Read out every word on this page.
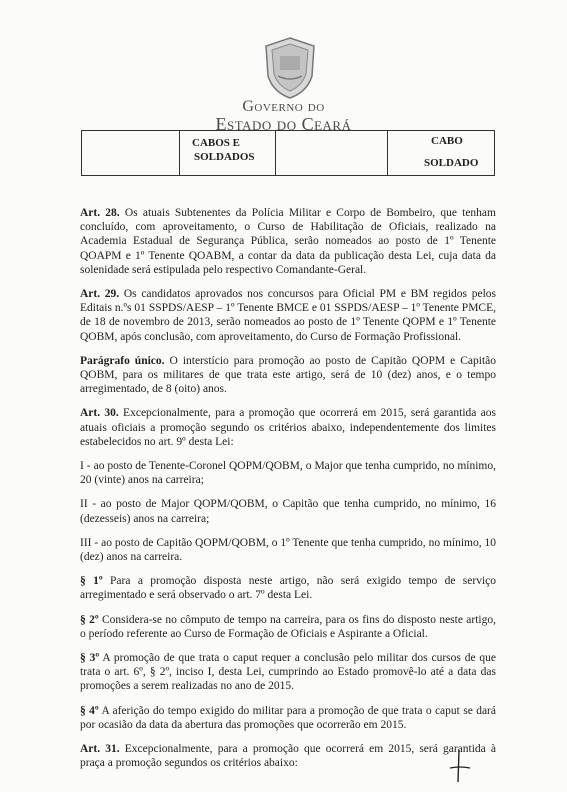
Governo do
Estado do Ceará
CABOS E
SOLDADOS
CABO
SOLDADO

Art. 28. Os atuais Subtenentes da Polícia Militar e Corpo de Bombeiro, que tenham concluído, com aproveitamento, o Curso de Habilitação de Oficiais, realizado na Academia Estadual de Segurança Pública, serão nomeados ao posto de 1º Tenente QOAPM e 1º Tenente QOABM, a contar da data da publicação desta Lei, cuja data da solenidade será estipulada pelo respectivo Comandante-Geral.

Art. 29. Os candidatos aprovados nos concursos para Oficial PM e BM regidos pelos Editais n.ºs 01 SSPDS/AESP – 1º Tenente BMCE e 01 SSPDS/AESP – 1º Tenente PMCE, de 18 de novembro de 2013, serão nomeados ao posto de 1º Tenente QOPM e 1º Tenente QOBM, após conclusão, com aproveitamento, do Curso de Formação Profissional.

Parágrafo único. O interstício para promoção ao posto de Capitão QOPM e Capitão QOBM, para os militares de que trata este artigo, será de 10 (dez) anos, e o tempo arregimentado, de 8 (oito) anos.

Art. 30. Excepcionalmente, para a promoção que ocorrerá em 2015, será garantida aos atuais oficiais a promoção segundo os critérios abaixo, independentemente dos limites estabelecidos no art. 9º desta Lei:

I - ao posto de Tenente-Coronel QOPM/QOBM, o Major que tenha cumprido, no mínimo, 20 (vinte) anos na carreira;

II - ao posto de Major QOPM/QOBM, o Capitão que tenha cumprido, no mínimo, 16 (dezesseis) anos na carreira;

III - ao posto de Capitão QOPM/QOBM, o 1º Tenente que tenha cumprido, no mínimo, 10 (dez) anos na carreira.

§ 1º Para a promoção disposta neste artigo, não será exigido tempo de serviço arregimentado e será observado o art. 7º desta Lei.

§ 2º Considera-se no cômputo de tempo na carreira, para os fins do disposto neste artigo, o período referente ao Curso de Formação de Oficiais e Aspirante a Oficial.

§ 3º A promoção de que trata o caput requer a conclusão pelo militar dos cursos de que trata o art. 6º, § 2º, inciso I, desta Lei, cumprindo ao Estado promovê-lo até a data das promoções a serem realizadas no ano de 2015.

§ 4º A aferição do tempo exigido do militar para a promoção de que trata o caput se dará por ocasião da data da abertura das promoções que ocorrerão em 2015.

Art. 31. Excepcionalmente, para a promoção que ocorrerá em 2015, será garantida à praça a promoção segundos os critérios abaixo:
